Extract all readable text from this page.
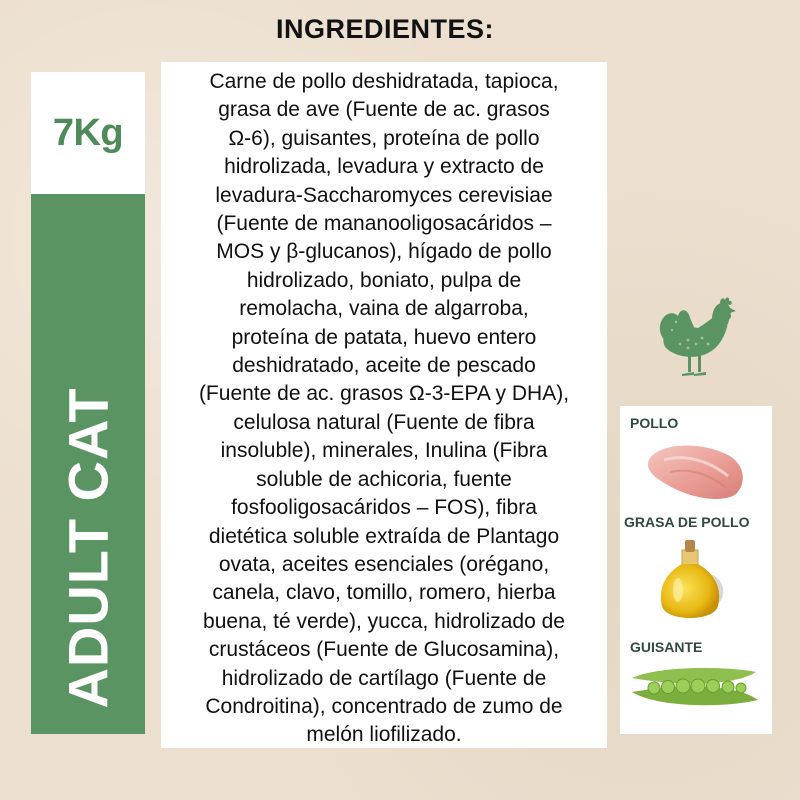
INGREDIENTES:
7Kg
ADULT CAT
Carne de pollo deshidratada, tapioca,
grasa de ave (Fuente de ac. grasos
Ω-6), guisantes, proteína de pollo
hidrolizada, levadura y extracto de
levadura-Saccharomyces cerevisiae
(Fuente de mananooligosacáridos –
MOS y β-glucanos), hígado de pollo
hidrolizado, boniato, pulpa de
remolacha, vaina de algarroba,
proteína de patata, huevo entero
deshidratado, aceite de pescado
(Fuente de ac. grasos Ω-3-EPA y DHA),
celulosa natural (Fuente de fibra
insoluble), minerales, Inulina (Fibra
soluble de achicoria, fuente
fosfooligosacáridos – FOS), fibra
dietética soluble extraída de Plantago
ovata, aceites esenciales (orégano,
canela, clavo, tomillo, romero, hierba
buena, té verde), yucca, hidrolizado de
crustáceos (Fuente de Glucosamina),
hidrolizado de cartílago (Fuente de
Condroitina), concentrado de zumo de
melón liofilizado.
POLLO
GRASA DE POLLO
GUISANTE
